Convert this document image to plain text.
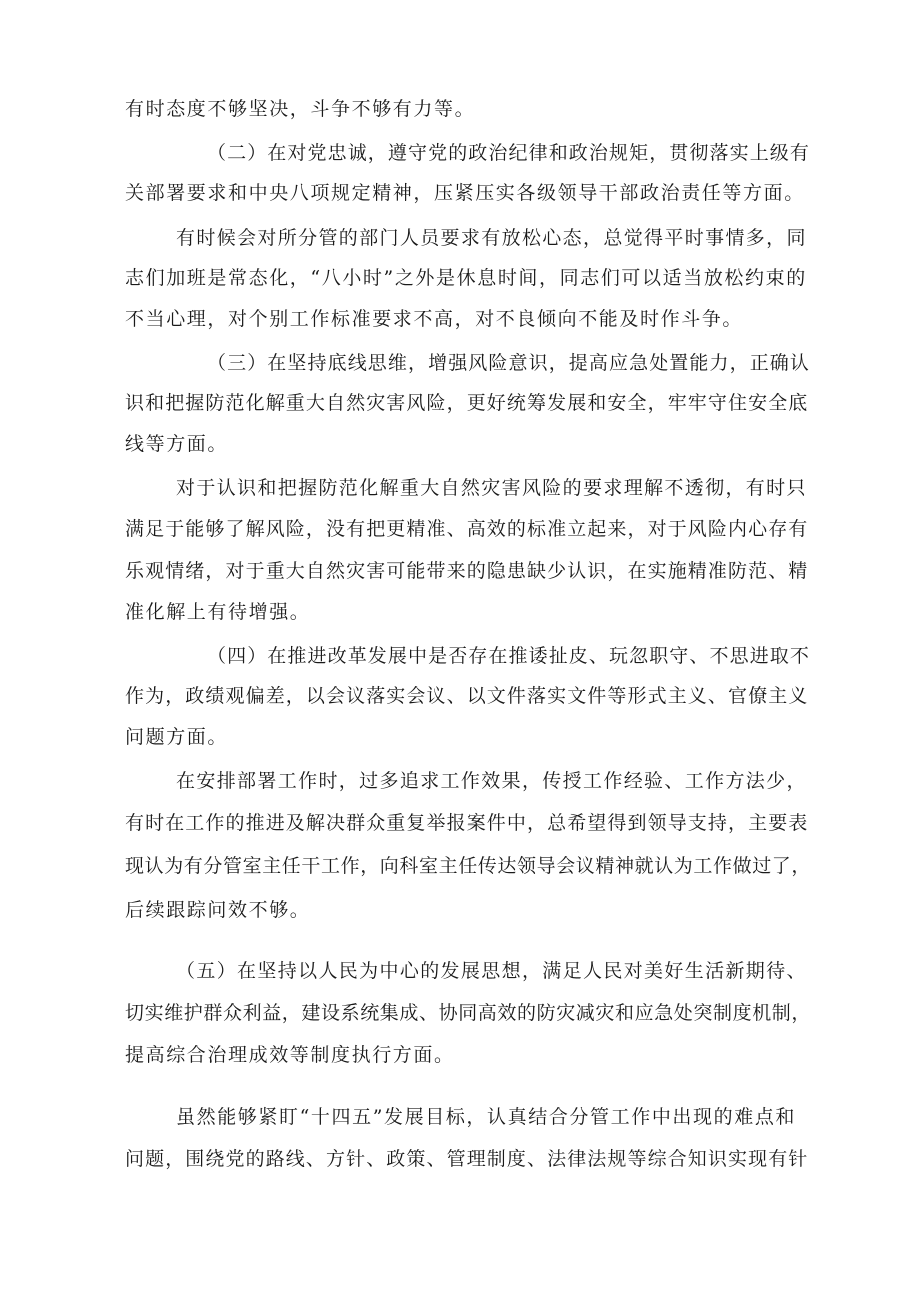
有时态度不够坚决，斗争不够有力等。
（二）在对党忠诚，遵守党的政治纪律和政治规矩，贯彻落实上级有
关部署要求和中央八项规定精神，压紧压实各级领导干部政治责任等方面。
有时候会对所分管的部门人员要求有放松心态，总觉得平时事情多，同
志们加班是常态化，“八小时”之外是休息时间，同志们可以适当放松约束的
不当心理，对个别工作标准要求不高，对不良倾向不能及时作斗争。
（三）在坚持底线思维，增强风险意识，提高应急处置能力，正确认
识和把握防范化解重大自然灾害风险，更好统筹发展和安全，牢牢守住安全底
线等方面。
对于认识和把握防范化解重大自然灾害风险的要求理解不透彻，有时只
满足于能够了解风险，没有把更精准、高效的标准立起来，对于风险内心存有
乐观情绪，对于重大自然灾害可能带来的隐患缺少认识，在实施精准防范、精
准化解上有待增强。
（四）在推进改革发展中是否存在推诿扯皮、玩忽职守、不思进取不
作为，政绩观偏差，以会议落实会议、以文件落实文件等形式主义、官僚主义
问题方面。
在安排部署工作时，过多追求工作效果，传授工作经验、工作方法少，
有时在工作的推进及解决群众重复举报案件中，总希望得到领导支持，主要表
现认为有分管室主任干工作，向科室主任传达领导会议精神就认为工作做过了，
后续跟踪问效不够。
（五）在坚持以人民为中心的发展思想，满足人民对美好生活新期待、
切实维护群众利益，建设系统集成、协同高效的防灾减灾和应急处突制度机制，
提高综合治理成效等制度执行方面。
虽然能够紧盯“十四五”发展目标，认真结合分管工作中出现的难点和
问题，围绕党的路线、方针、政策、管理制度、法律法规等综合知识实现有针
